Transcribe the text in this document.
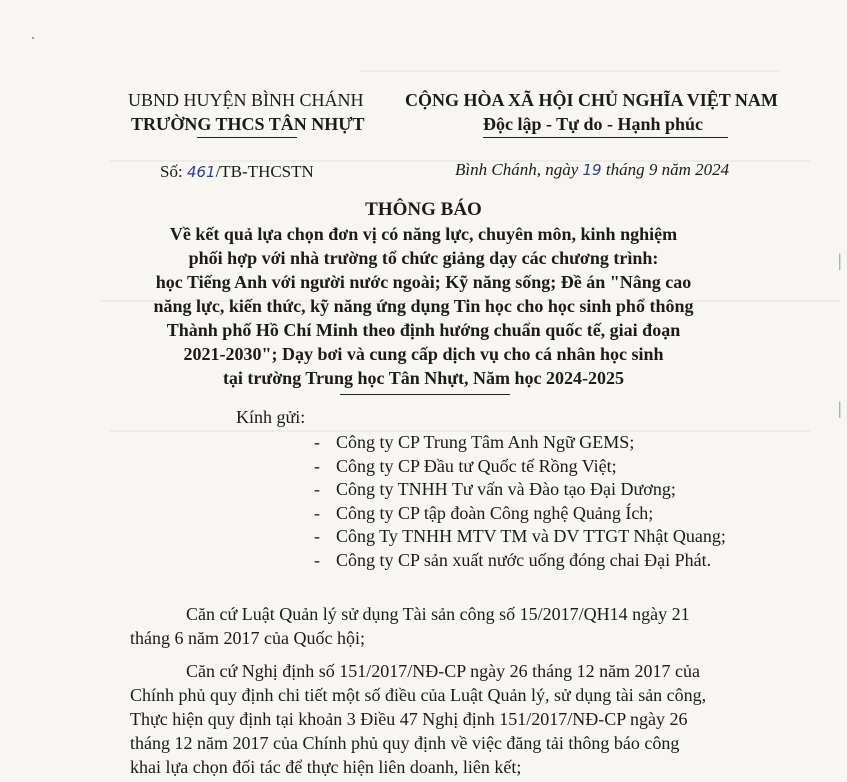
·
|
|
UBND HUYỆN BÌNH CHÁNH
TRƯỜNG THCS TÂN NHỰT
CỘNG HÒA XÃ HỘI CHỦ NGHĨA VIỆT NAM
Độc lập - Tự do - Hạnh phúc
Số: 461/TB-THCSTN	Bình Chánh, ngày 19 tháng 9 năm 2024
THÔNG BÁO
Về kết quả lựa chọn đơn vị có năng lực, chuyên môn, kinh nghiệm
phối hợp với nhà trường tổ chức giảng dạy các chương trình:
học Tiếng Anh với người nước ngoài; Kỹ năng sống; Đề án "Nâng cao
năng lực, kiến thức, kỹ năng ứng dụng Tin học cho học sinh phổ thông
Thành phố Hồ Chí Minh theo định hướng chuẩn quốc tế, giai đoạn
2021-2030"; Dạy bơi và cung cấp dịch vụ cho cá nhân học sinh
tại trường Trung học Tân Nhựt, Năm học 2024-2025
Kính gửi:
- Công ty CP Trung Tâm Anh Ngữ GEMS;
- Công ty CP Đầu tư Quốc tế Rồng Việt;
- Công ty TNHH Tư vấn và Đào tạo Đại Dương;
- Công ty CP tập đoàn Công nghệ Quảng Ích;
- Công Ty TNHH MTV TM và DV TTGT Nhật Quang;
- Công ty CP sản xuất nước uống đóng chai Đại Phát.
Căn cứ Luật Quản lý sử dụng Tài sản công số 15/2017/QH14 ngày 21
tháng 6 năm 2017 của Quốc hội;
Căn cứ Nghị định số 151/2017/NĐ-CP ngày 26 tháng 12 năm 2017 của
Chính phủ quy định chi tiết một số điều của Luật Quản lý, sử dụng tài sản công,
Thực hiện quy định tại khoản 3 Điều 47 Nghị định 151/2017/NĐ-CP ngày 26
tháng 12 năm 2017 của Chính phủ quy định về việc đăng tải thông báo công
khai lựa chọn đối tác để thực hiện liên doanh, liên kết;
